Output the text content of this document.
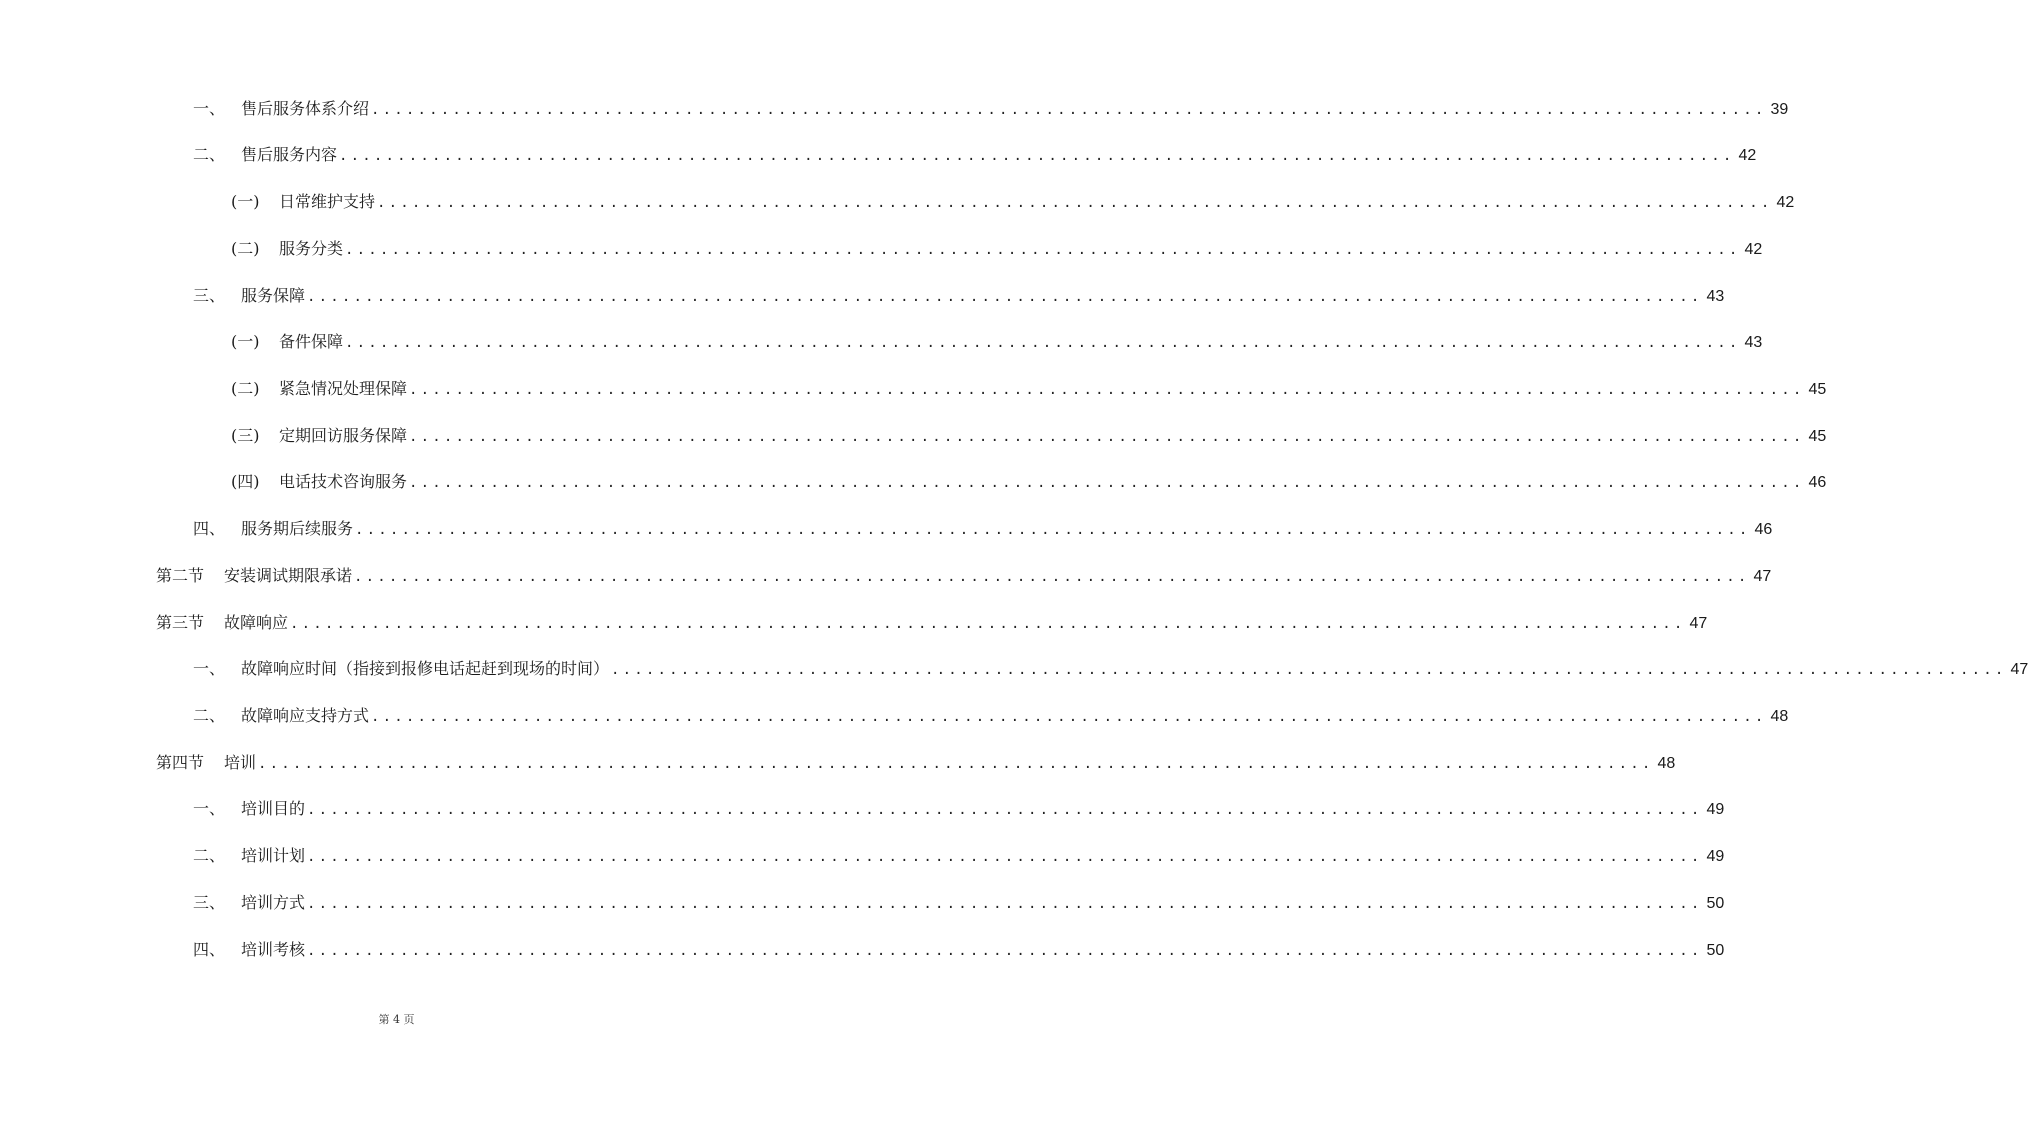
一、 售后服务体系介绍 ........................................................................................................................ 39
二、 售后服务内容 ........................................................................................................................ 42
(一)	日常维护支持 ........................................................................................................................ 42
(二)	服务分类 ........................................................................................................................ 42
三、 服务保障 ........................................................................................................................ 43
(一)	备件保障 ........................................................................................................................ 43
(二)	紧急情况处理保障 ........................................................................................................................ 45
(三)	定期回访服务保障 ........................................................................................................................ 45
(四)	电话技术咨询服务 ........................................................................................................................ 46
四、 服务期后续服务 ........................................................................................................................ 46
第二节	安装调试期限承诺 ........................................................................................................................ 47
第三节	故障响应 ........................................................................................................................ 47
一、 故障响应时间（指接到报修电话起赶到现场的时间） ........................................................................................................................ 47
二、 故障响应支持方式 ........................................................................................................................ 48
第四节	培训 ........................................................................................................................ 48
一、 培训目的 ........................................................................................................................ 49
二、 培训计划 ........................................................................................................................ 49
三、 培训方式 ........................................................................................................................ 50
四、 培训考核 ........................................................................................................................ 50
第 4 页
